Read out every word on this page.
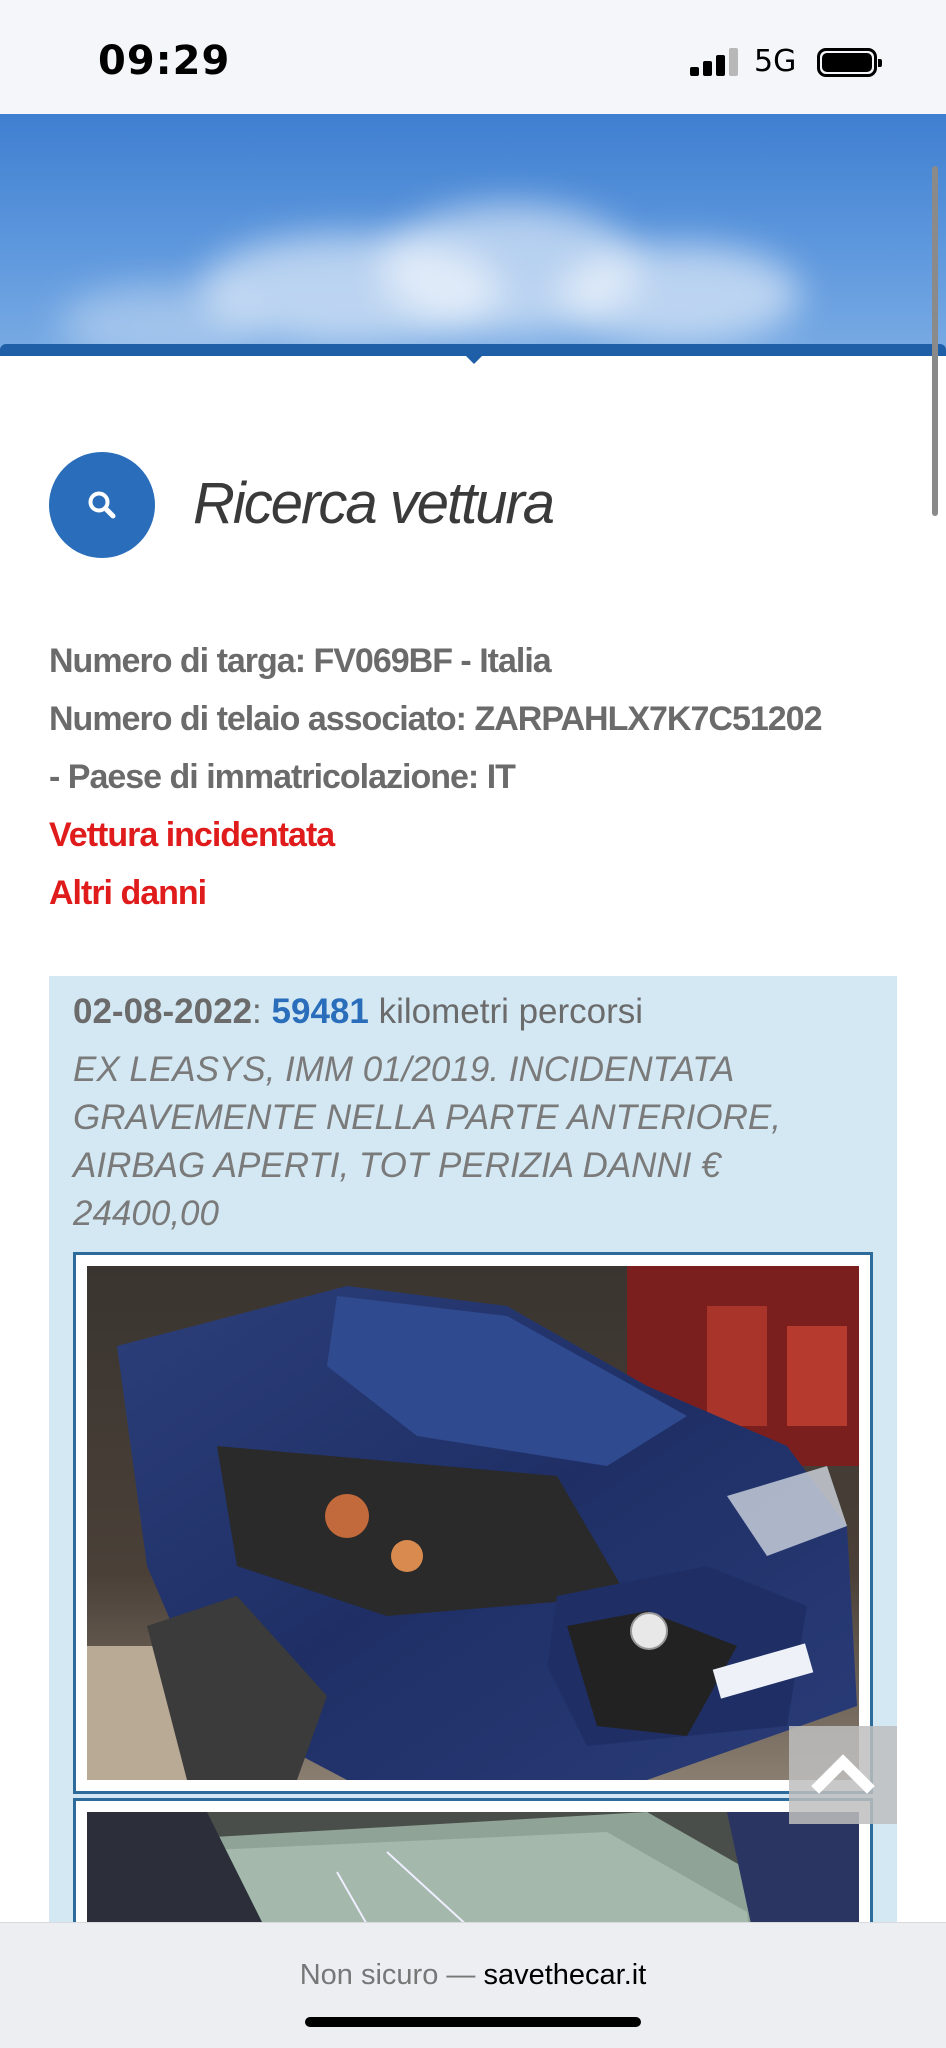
09:29	5G
Ricerca vettura
Numero di targa: FV069BF - Italia
Numero di telaio associato: ZARPAHLX7K7C51202
- Paese di immatricolazione: IT
Vettura incidentata
Altri danni
02-08-2022: 59481 kilometri percorsi
EX LEASYS, IMM 01/2019. INCIDENTATA GRAVEMENTE NELLA PARTE ANTERIORE, AIRBAG APERTI, TOT PERIZIA DANNI € 24400,00
Non sicuro — savethecar.it
